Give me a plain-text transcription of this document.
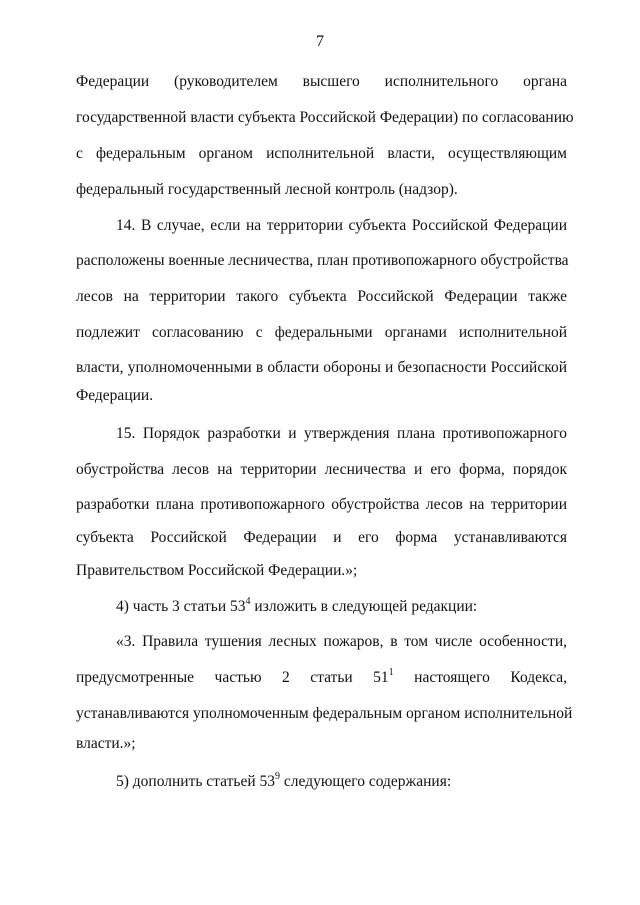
7
Федерации (руководителем высшего исполнительного органа
государственной власти субъекта Российской Федерации) по согласованию
с федеральным органом исполнительной власти, осуществляющим
федеральный государственный лесной контроль (надзор).
14. В случае, если на территории субъекта Российской Федерации
расположены военные лесничества, план противопожарного обустройства
лесов на территории такого субъекта Российской Федерации также
подлежит согласованию с федеральными органами исполнительной
власти, уполномоченными в области обороны и безопасности Российской
Федерации.
15. Порядок разработки и утверждения плана противопожарного
обустройства лесов на территории лесничества и его форма, порядок
разработки плана противопожарного обустройства лесов на территории
субъекта Российской Федерации и его форма устанавливаются
Правительством Российской Федерации.»;
4) часть 3 статьи $53^4$ изложить в следующей редакции:
«3. Правила тушения лесных пожаров, в том числе особенности,
предусмотренные частью 2 статьи $51^1$ настоящего Кодекса,
устанавливаются уполномоченным федеральным органом исполнительной
власти.»;
5) дополнить статьей $53^9$ следующего содержания:
